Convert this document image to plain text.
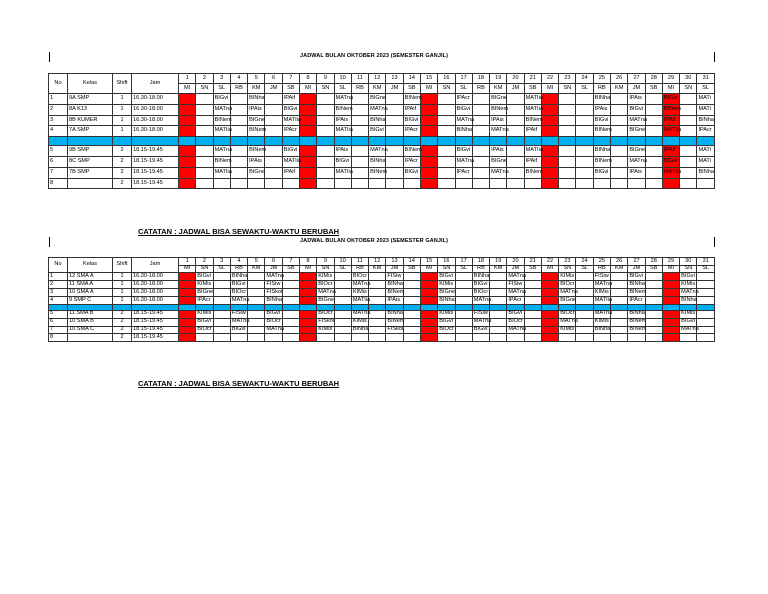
JADWAL BULAN OKTOBER 2023 (SEMESTER GANJIL)
No	Kelas	Shift	Jam	1	2	3	4	5	6	7	8	9	10	11	12	13	14	15	16	17	18	19	20	21	22	23	24	25	26	27	28	29	30	31
				MI	SN	SL	RB	KM	JM	SB	MI	SN	SL	RB	KM	JM	SB	MI	SN	SL	RB	KM	JM	SB	MI	SN	SL	RB	KM	JM	SB	MI	SN	SL
1	9A SMP	1	16.30-18.00			BIGvi		BINha		IPAif			MATna		BIGne		BINem			IPAcr		BIGne		MATIia				BINha		IPAis		BIGvi		MATi
2	8A K13	1	16.30-18.00			MATna		IPAis		BIGvi			BINem		MATna		IPAif			BIGvi		BINem		MATIia				IPAis		BIGvi		BINem		MATi
3	8B KUMER	1	16.30-18.00			BINem		BIGne		MATIia			IPAis		BINha		BIGvi			MATna		IPAis		BINem				BIGvi		MATna		IPAif		BINha
4	7A SMP	1	16.30-18.00			MATIia		BINem		IPAcr			MATIia		BIGvi		IPAcr			BINha		MATna		IPAif				BINem		BIGne		MATIia		IPAcr

5	9B SMP	2	18.15-19.45			MATna		BINem		BIGvi			IPAis		MATna		BINem			BIGvi		IPAis		MATIia				BINha		BIGne		IPAif		MATi
6	8C SMP	2	18.15-19.45			BINem		IPAis		MATIia			BIGvi		BINha		IPAcr			MATna		BIGne		IPAif				BINem		MATna		BIGvi		MATi
7	7B SMP	2	18.15-19.45			MATIia		BIGne		IPAif			MATIia		BINem		BIGvi			IPAcr		MATna		BINem				BIGvi		IPAis		MATIia		BINha
8		2	18.15-19.45																															
CATATAN : JADWAL BISA SEWAKTU-WAKTU BERUBAH
JADWAL BULAN OKTOBER 2023 (SEMESTER GANJIL)
No	Kelas	Shift	Jam	1	2	3	4	5	6	7	8	9	10	11	12	13	14	15	16	17	18	19	20	21	22	23	24	25	26	27	28	29	30	31
				MI	SN	SL	RB	KM	JM	SB	MI	SN	SL	RB	KM	JM	SB	MI	SN	SL	RB	KM	JM	SB	MI	SN	SL	RB	KM	JM	SB	MI	SN	SL
1	12 SMA A	1	16.30-18.00		BIGvi		BINha		MATna			KIMis		BIOcr		FISiw			BIGvi		BINha		MATna			KIMis		FISiw		BIGvi			BIGvi	
2	11 SMA A	1	16.30-18.00		KIMis		BIGvi		FISiw			BIOcr		MATna		BINha			KIMis		BIGvi		FISiw			BIOcr		MATna		BINha			KIMis	
3	10 SMA A	1	16.30-18.00		BIGne		BIOcr		FISkoi			MATna		KIMis		BINem			BIGne		BIOcr		MATna			MATna		KIMis		BINem			MATna	
4	9 SMP C	1	16.30-18.00		IPAcr		MATna		BINha			BIGne		MATIia		IPAis			BINha		MATna		IPAcr			BIGne		MATIia		IPAcr			BINha	

5	11 SMA B	2	18.15-19.45		KIMis		FISiw		BIGvi			BIOcr		MATna		BINha			KIMis		FISiw		BIGvi			BIOcr		MATna		BINha			KIMis	
6	10 SMA B	2	18.15-19.45		BIGvi		MATna		BIOcr			FISkoi		KIMis		BINem			BIGvi		MATna		BIOcr			MATna		KIMis		BINem			BIGvi	
7	10 SMA C	2	18.15-19.45		BIOcr		BIGvi		MATna			KIMis		BINha		FISkoi			BIOcr		BIGvi		MATna			KIMis		BINha		BINem			MATna	
8		2	18.15-19.45																															
CATATAN : JADWAL BISA SEWAKTU-WAKTU BERUBAH
